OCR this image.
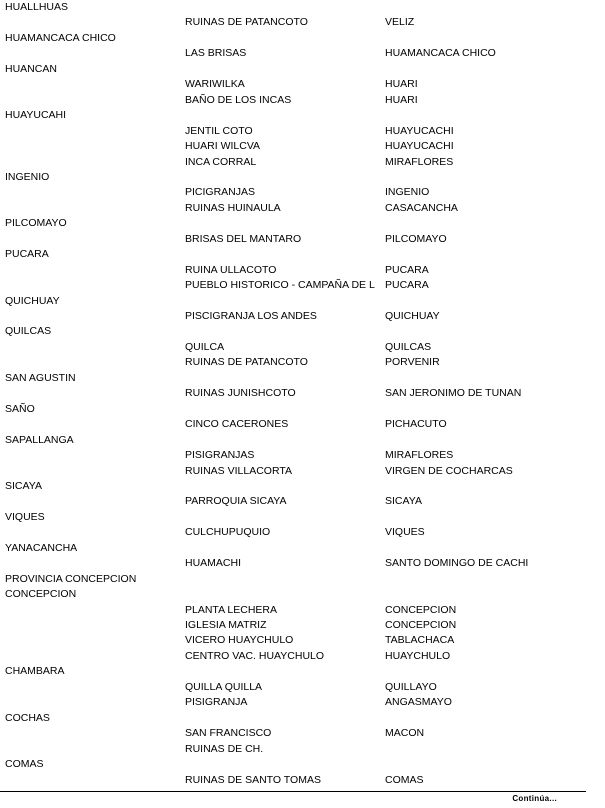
HUALLHUAS
RUINAS DE PATANCOTO	VELIZ
HUAMANCACA CHICO
LAS BRISAS	HUAMANCACA CHICO
HUANCAN
WARIWILKA	HUARI
BAÑO DE LOS INCAS	HUARI
HUAYUCAHI
JENTIL COTO	HUAYUCACHI
HUARI WILCVA	HUAYUCACHI
INCA CORRAL	MIRAFLORES
INGENIO
PICIGRANJAS	INGENIO
RUINAS HUINAULA	CASACANCHA
PILCOMAYO
BRISAS DEL MANTARO	PILCOMAYO
PUCARA
RUINA ULLACOTO	PUCARA
PUEBLO HISTORICO - CAMPAÑA DE L PUCARA
QUICHUAY
PISCIGRANJA LOS ANDES	QUICHUAY
QUILCAS
QUILCA	QUILCAS
RUINAS DE PATANCOTO	PORVENIR
SAN AGUSTIN
RUINAS JUNISHCOTO	SAN JERONIMO DE TUNAN
SAÑO
CINCO CACERONES	PICHACUTO
SAPALLANGA
PISIGRANJAS	MIRAFLORES
RUINAS VILLACORTA	VIRGEN DE COCHARCAS
SICAYA
PARROQUIA SICAYA	SICAYA
VIQUES
CULCHUPUQUIO	VIQUES
YANACANCHA
HUAMACHI	SANTO DOMINGO DE CACHI
PROVINCIA CONCEPCION
CONCEPCION
PLANTA LECHERA	CONCEPCION
IGLESIA MATRIZ	CONCEPCION
VICERO HUAYCHULO	TABLACHACA
CENTRO VAC. HUAYCHULO	HUAYCHULO
CHAMBARA
QUILLA QUILLA	QUILLAYO
PISIGRANJA	ANGASMAYO
COCHAS
SAN FRANCISCO	MACON
RUINAS DE CH.
COMAS
RUINAS DE SANTO TOMAS	COMAS
Continúa...
